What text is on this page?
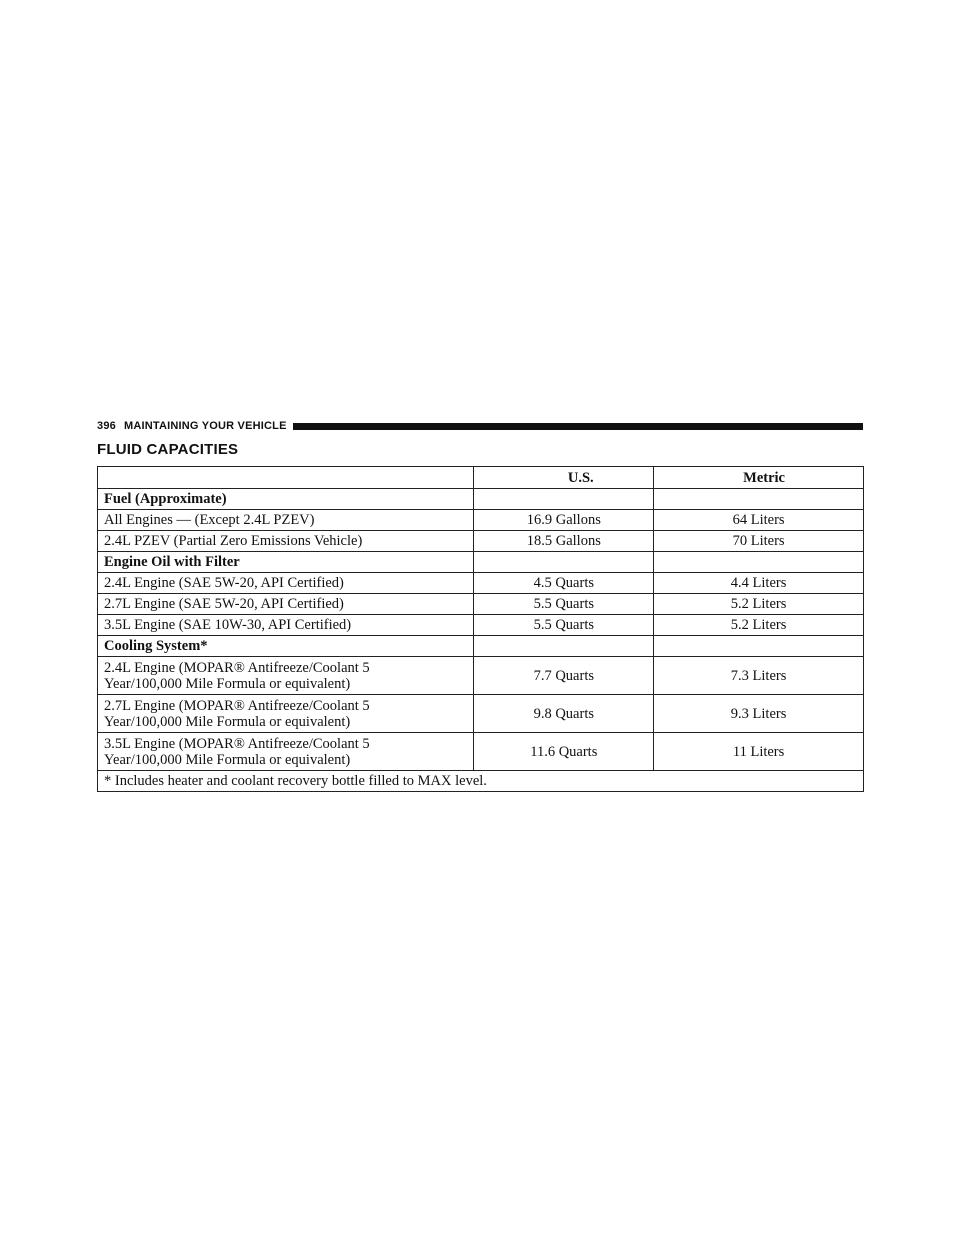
396 MAINTAINING YOUR VEHICLE
FLUID CAPACITIES
	U.S.	Metric
Fuel (Approximate)		
All Engines — (Except 2.4L PZEV)	16.9 Gallons	64 Liters
2.4L PZEV (Partial Zero Emissions Vehicle)	18.5 Gallons	70 Liters
Engine Oil with Filter		
2.4L Engine (SAE 5W-20, API Certified)	4.5 Quarts	4.4 Liters
2.7L Engine (SAE 5W-20, API Certified)	5.5 Quarts	5.2 Liters
3.5L Engine (SAE 10W-30, API Certified)	5.5 Quarts	5.2 Liters
Cooling System*		
2.4L Engine (MOPAR® Antifreeze/Coolant 5
Year/100,000 Mile Formula or equivalent)	7.7 Quarts	7.3 Liters
2.7L Engine (MOPAR® Antifreeze/Coolant 5
Year/100,000 Mile Formula or equivalent)	9.8 Quarts	9.3 Liters
3.5L Engine (MOPAR® Antifreeze/Coolant 5
Year/100,000 Mile Formula or equivalent)	11.6 Quarts	11 Liters
* Includes heater and coolant recovery bottle filled to MAX level.		
